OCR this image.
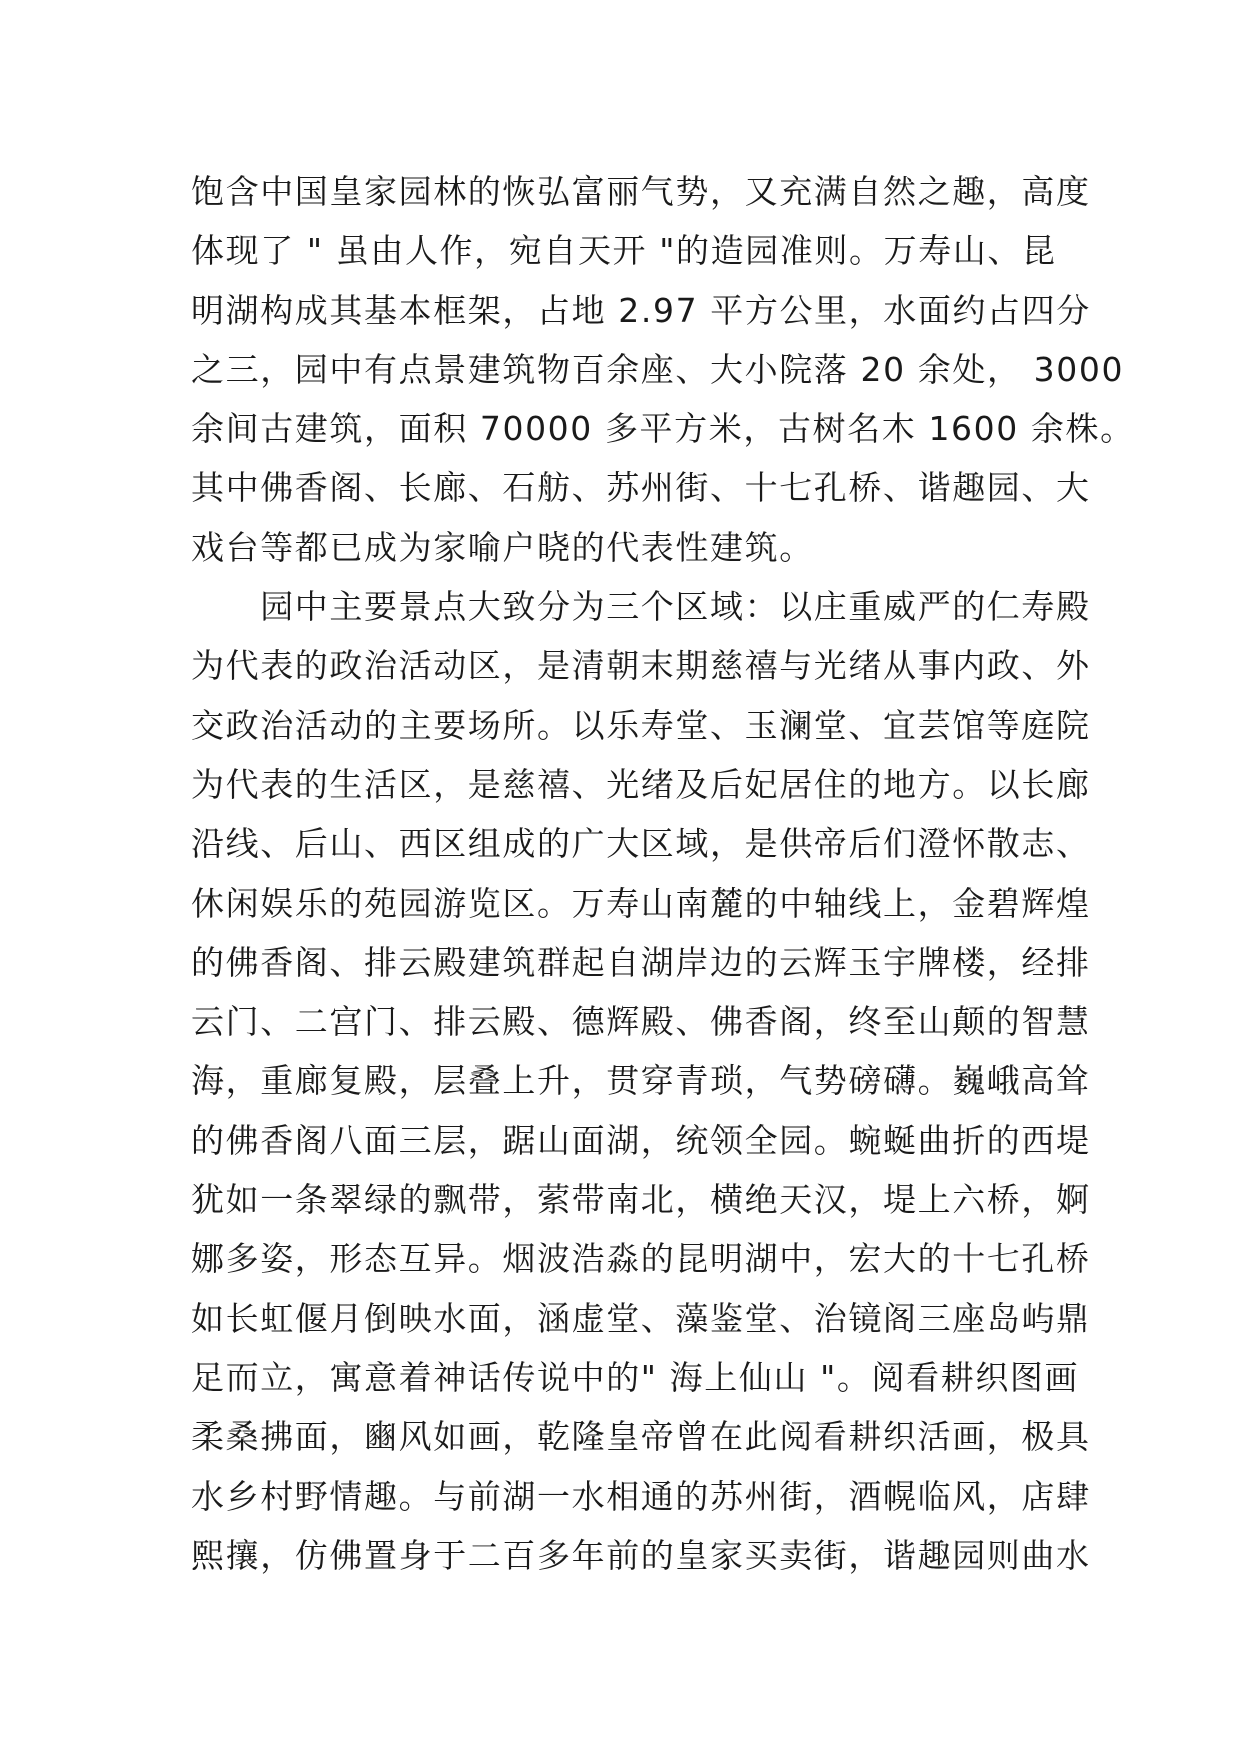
饱含中国皇家园林的恢弘富丽气势，又充满自然之趣，高度
体现了 " 虽由人作，宛自天开 "的造园准则。万寿山、昆
明湖构成其基本框架，占地 2.97 平方公里，水面约占四分
之三，园中有点景建筑物百余座、大小院落 20 余处， 3000
余间古建筑，面积 70000 多平方米，古树名木 1600 余株。
其中佛香阁、长廊、石舫、苏州街、十七孔桥、谐趣园、大
戏台等都已成为家喻户晓的代表性建筑。
　　园中主要景点大致分为三个区域：以庄重威严的仁寿殿
为代表的政治活动区，是清朝末期慈禧与光绪从事内政、外
交政治活动的主要场所。以乐寿堂、玉澜堂、宜芸馆等庭院
为代表的生活区，是慈禧、光绪及后妃居住的地方。以长廊
沿线、后山、西区组成的广大区域，是供帝后们澄怀散志、
休闲娱乐的苑园游览区。万寿山南麓的中轴线上，金碧辉煌
的佛香阁、排云殿建筑群起自湖岸边的云辉玉宇牌楼，经排
云门、二宫门、排云殿、德辉殿、佛香阁，终至山颠的智慧
海，重廊复殿，层叠上升，贯穿青琐，气势磅礴。巍峨高耸
的佛香阁八面三层，踞山面湖，统领全园。蜿蜒曲折的西堤
犹如一条翠绿的飘带，萦带南北，横绝天汉，堤上六桥，婀
娜多姿，形态互异。烟波浩淼的昆明湖中，宏大的十七孔桥
如长虹偃月倒映水面，涵虚堂、藻鉴堂、治镜阁三座岛屿鼎
足而立，寓意着神话传说中的" 海上仙山 "。阅看耕织图画
柔桑拂面，豳风如画，乾隆皇帝曾在此阅看耕织活画，极具
水乡村野情趣。与前湖一水相通的苏州街，酒幌临风，店肆
熙攘，仿佛置身于二百多年前的皇家买卖街，谐趣园则曲水
